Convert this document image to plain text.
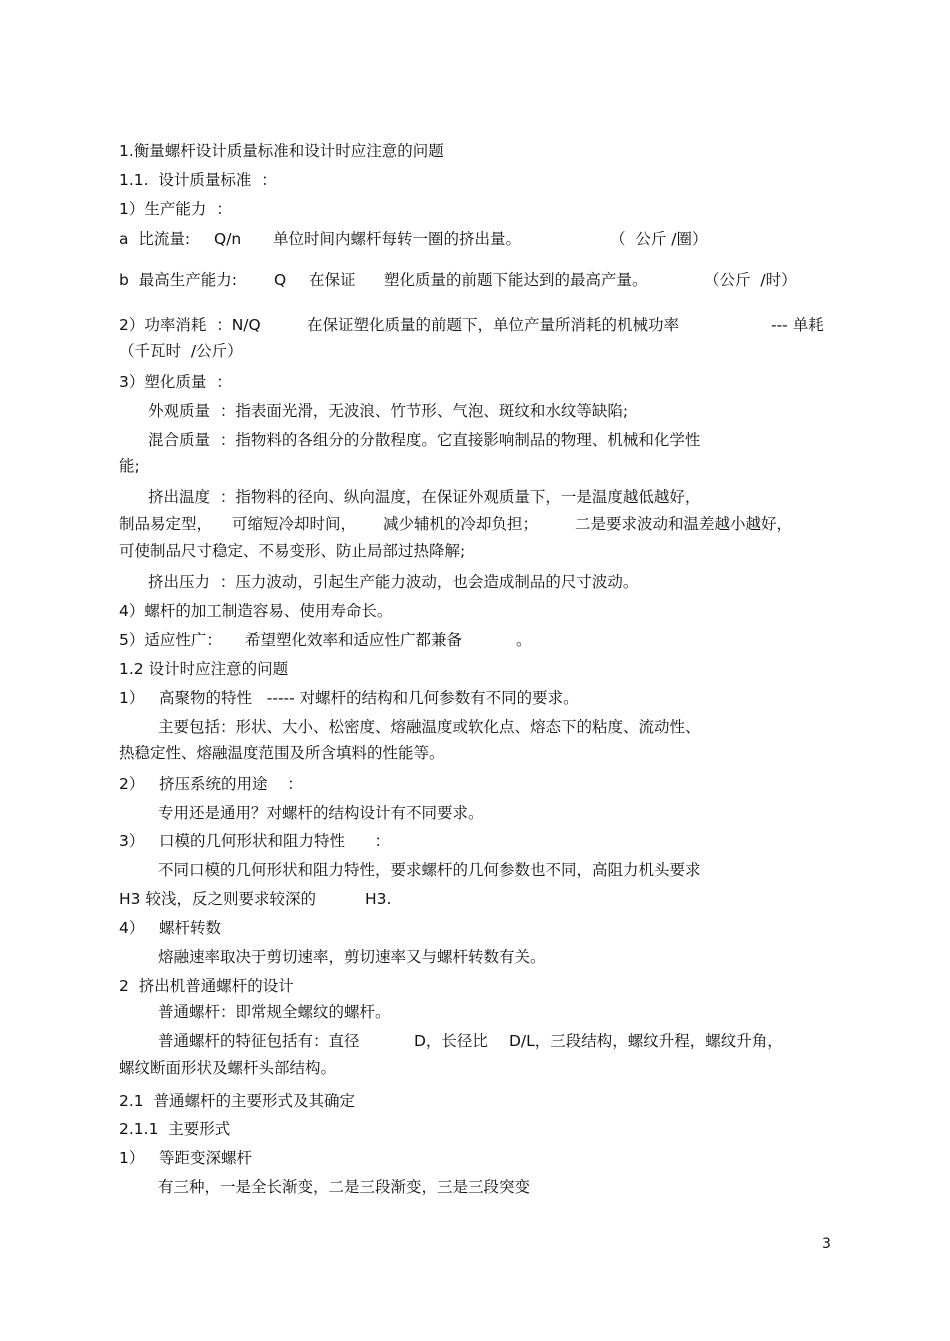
1.衡量螺杆设计质量标准和设计时应注意的问题
1.1.  设计质量标准  ：
1）生产能力  ：
a  比流量: Q/n 单位时间内螺杆每转一圈的挤出量。	（  公斤 /圈）
b  最高生产能力: Q 在保证 塑化质量的前题下能达到的最高产量。	（公斤  /时）
2）功率消耗  ：N/Q	在保证塑化质量的前题下，单位产量所消耗的机械功率	--- 单耗
（千瓦时  /公斤）
3）塑化质量  ：
外观质量  ：指表面光滑，无波浪、竹节形、气泡、斑纹和水纹等缺陷;
混合质量  ：指物料的各组分的分散程度。它直接影响制品的物理、机械和化学性
能;
挤出温度  ：指物料的径向、纵向温度，在保证外观质量下，一是温度越低越好，
制品易定型， 可缩短冷却时间， 减少辅机的冷却负担； 二是要求波动和温差越小越好，
可使制品尺寸稳定、不易变形、防止局部过热降解;
挤出压力  ：压力波动，引起生产能力波动，也会造成制品的尺寸波动。
4）螺杆的加工制造容易、使用寿命长。
5）适应性广： 希望塑化效率和适应性广都兼备	。
1.2 设计时应注意的问题
1） 高聚物的特性   ----- 对螺杆的结构和几何参数有不同的要求。
主要包括：形状、大小、松密度、熔融温度或软化点、熔态下的粘度、流动性、
热稳定性、熔融温度范围及所含填料的性能等。
2） 挤压系统的用途    ：
专用还是通用？对螺杆的结构设计有不同要求。
3） 口模的几何形状和阻力特性      ：
不同口模的几何形状和阻力特性，要求螺杆的几何参数也不同，高阻力机头要求
H3 较浅，反之则要求较深的	H3.
4） 螺杆转数
熔融速率取决于剪切速率，剪切速率又与螺杆转数有关。
2  挤出机普通螺杆的设计
普通螺杆：即常规全螺纹的螺杆。
普通螺杆的特征包括有：直径	D，长径比 D/L，三段结构，螺纹升程，螺纹升角，
螺纹断面形状及螺杆头部结构。
2.1  普通螺杆的主要形式及其确定
2.1.1  主要形式
1） 等距变深螺杆
有三种，一是全长渐变，二是三段渐变，三是三段突变
3
